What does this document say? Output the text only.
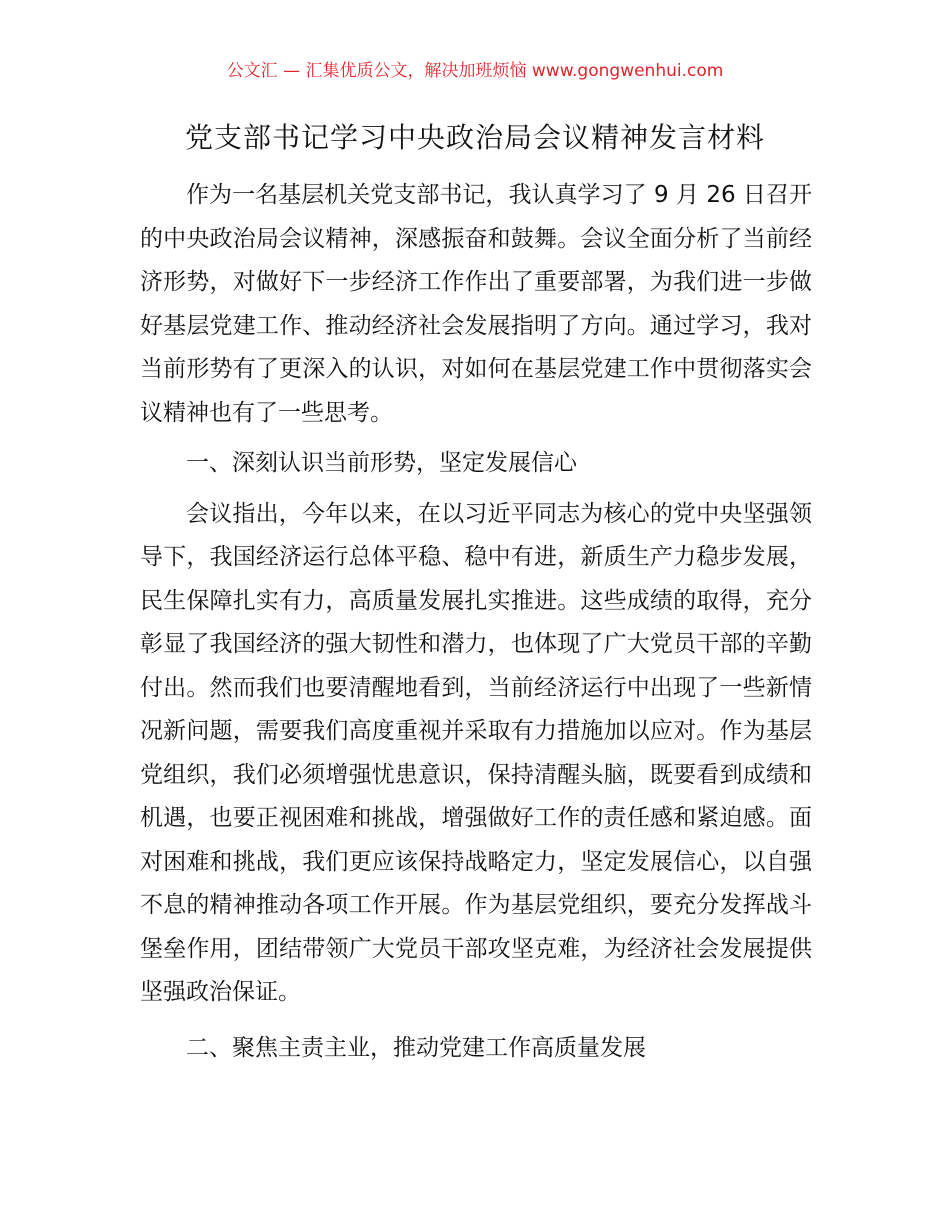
公文汇 — 汇集优质公文，解决加班烦恼 www.gongwenhui.com
党支部书记学习中央政治局会议精神发言材料

作为一名基层机关党支部书记，我认真学习了 9 月 26 日召开的中央政治局会议精神，深感振奋和鼓舞。会议全面分析了当前经济形势，对做好下一步经济工作作出了重要部署，为我们进一步做好基层党建工作、推动经济社会发展指明了方向。通过学习，我对当前形势有了更深入的认识，对如何在基层党建工作中贯彻落实会议精神也有了一些思考。

一、深刻认识当前形势，坚定发展信心

会议指出，今年以来，在以习近平同志为核心的党中央坚强领导下，我国经济运行总体平稳、稳中有进，新质生产力稳步发展，民生保障扎实有力，高质量发展扎实推进。这些成绩的取得，充分彰显了我国经济的强大韧性和潜力，也体现了广大党员干部的辛勤付出。然而我们也要清醒地看到，当前经济运行中出现了一些新情况新问题，需要我们高度重视并采取有力措施加以应对。作为基层党组织，我们必须增强忧患意识，保持清醒头脑，既要看到成绩和机遇，也要正视困难和挑战，增强做好工作的责任感和紧迫感。面对困难和挑战，我们更应该保持战略定力，坚定发展信心，以自强不息的精神推动各项工作开展。作为基层党组织，要充分发挥战斗堡垒作用，团结带领广大党员干部攻坚克难，为经济社会发展提供坚强政治保证。

二、聚焦主责主业，推动党建工作高质量发展
